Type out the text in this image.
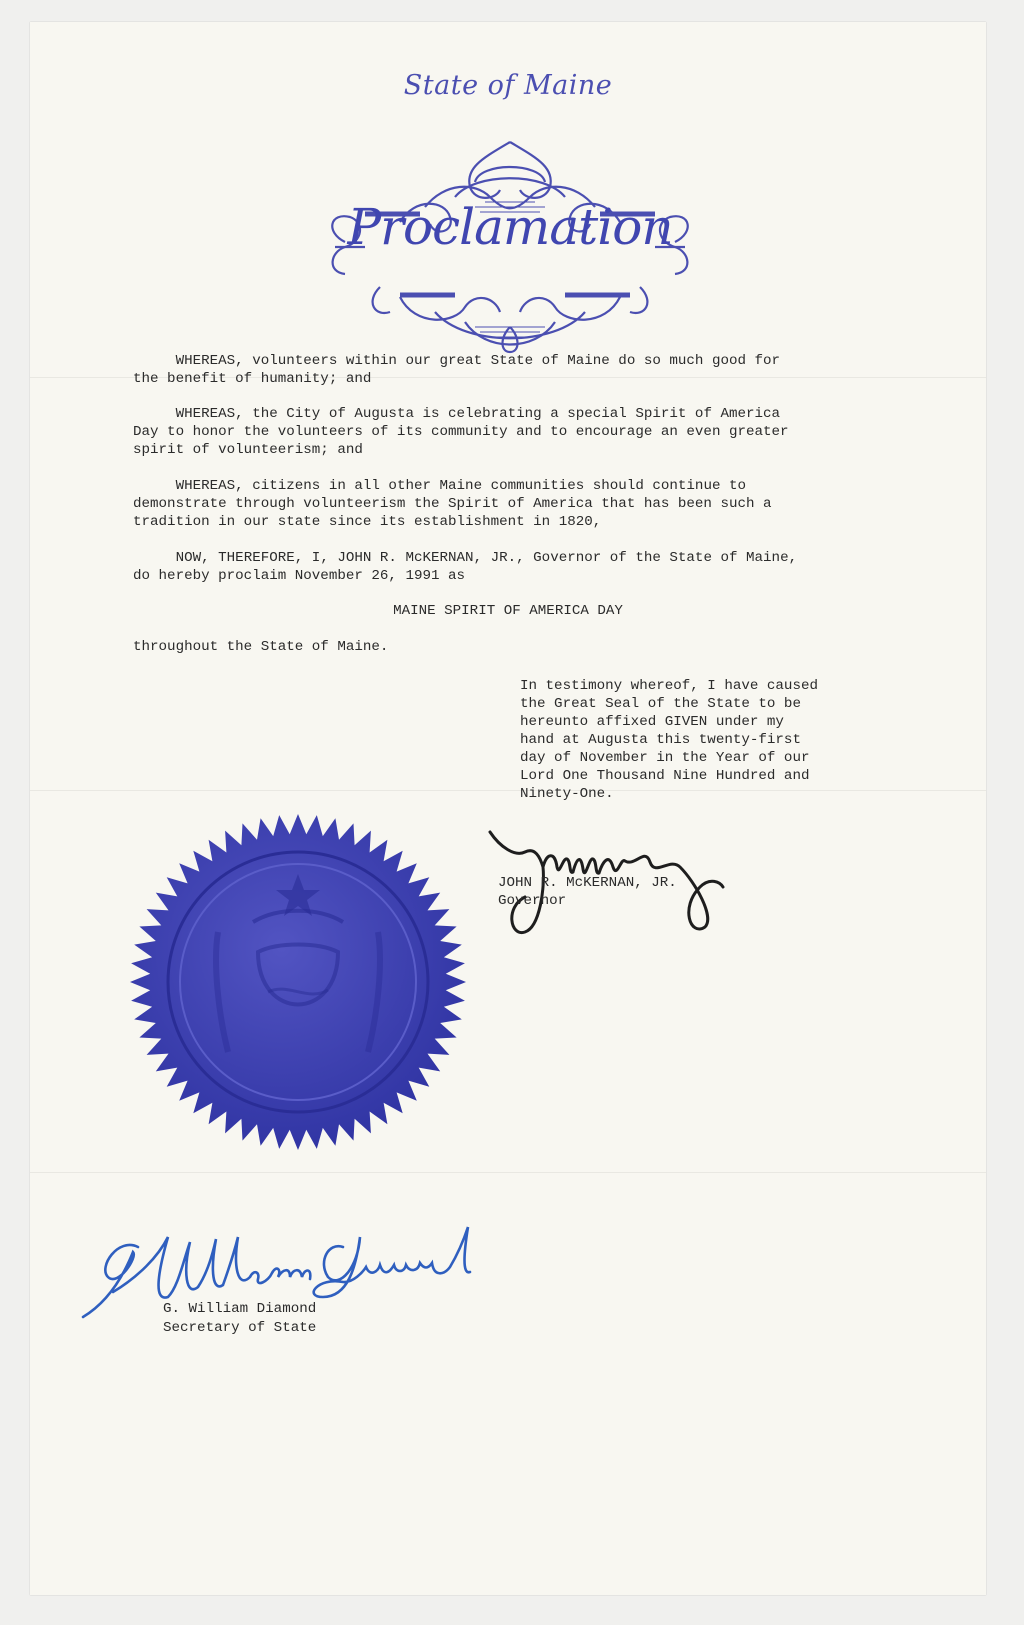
State of Maine
Proclamation
WHEREAS, volunteers within our great State of Maine do so much good for
the benefit of humanity; and
WHEREAS, the City of Augusta is celebrating a special Spirit of America
Day to honor the volunteers of its community and to encourage an even greater
spirit of volunteerism; and
WHEREAS, citizens in all other Maine communities should continue to
demonstrate through volunteerism the Spirit of America that has been such a
tradition in our state since its establishment in 1820,
NOW, THEREFORE, I, JOHN R. McKERNAN, JR., Governor of the State of Maine,
do hereby proclaim November 26, 1991 as
MAINE SPIRIT OF AMERICA DAY
throughout the State of Maine.
In testimony whereof, I have caused
the Great Seal of the State to be
hereunto affixed GIVEN under my
hand at Augusta this twenty-first
day of November in the Year of our
Lord One Thousand Nine Hundred and
Ninety-One.
JOHN R. McKERNAN, JR.
Governor
G. William Diamond
Secretary of State
